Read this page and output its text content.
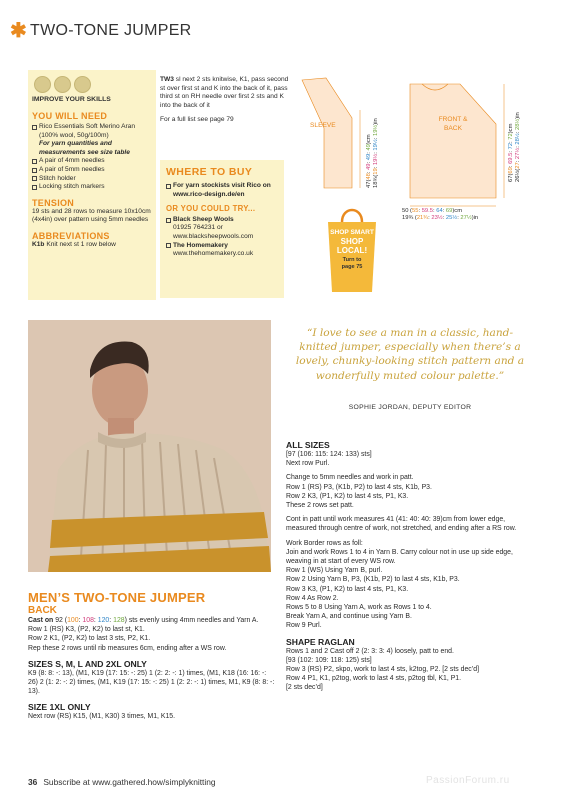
✱ TWO-TONE JUMPER
IMPROVE YOUR SKILLS
YOU WILL NEED
Rico Essentials Soft Merino Aran (100% wool, 50g/100m)
For yarn quantities and measurements see size table
A pair of 4mm needles
A pair of 5mm needles
Stitch holder
Locking stitch markers
TENSION
19 sts and 28 rows to measure 10x10cm (4x4in) over pattern using 5mm needles
ABBREVIATIONS
K1b Knit next st 1 row below
TW3 sl next 2 sts knitwise, K1, pass second st over first st and K into the back of it, pass third st on RH needle over first 2 sts and K into the back of it
For a full list see page 79
WHERE TO BUY
For yarn stockists visit Rico on www.rico-design.de/en
OR YOU COULD TRY...
Black Sheep Wools
01925 764231 or www.blacksheepwools.com
The Homemakery
www.thehomemakery.co.uk
SHOP SMART
SHOP
LOCAL!
Turn to
page 75
SLEEVE
FRONT &
BACK
47(48: 49: 49: 49)cm
18¾(19: 19½: 19½: 19½)in
67(69: 69.5: 72: 72)cm
26½(27: 27½: 28½: 28½)in
50 (55: 59.5: 64: 69)cm
19¾ (21¾: 23½: 25½: 27½)in
“I love to see a man in a classic, hand-knitted jumper, especially when there’s a lovely, chunky-looking stitch pattern and a wonderfully muted colour palette.”
SOPHIE JORDAN, DEPUTY EDITOR
MEN’S TWO-TONE JUMPER
BACK
Cast on 92 (100: 108: 120: 128) sts evenly using 4mm needles and Yarn A.
Row 1 (RS) K3, (P2, K2) to last st, K1.
Row 2 K1, (P2, K2) to last 3 sts, P2, K1.
Rep these 2 rows until rib measures 6cm, ending after a WS row.
SIZES S, M, L AND 2XL ONLY
K9 (8: 8: -: 13), (M1, K19 (17: 15: -: 25) 1 (2: 2: -: 1) times, (M1, K18 (16: 16: -: 26) 2 (1: 2: -: 2) times, (M1, K19 (17: 15: -: 25) 1 (2: 2: -: 1) times, M1, K9 (8: 8: -: 13).
SIZE 1XL ONLY
Next row (RS) K15, (M1, K30) 3 times, M1, K15.
ALL SIZES
[97 (106: 115: 124: 133) sts]
Next row Purl.
Change to 5mm needles and work in patt.
Row 1 (RS) P3, (K1b, P2) to last 4 sts, K1b, P3.
Row 2 K3, (P1, K2) to last 4 sts, P1, K3.
These 2 rows set patt.
Cont in patt until work measures 41 (41: 40: 40: 39)cm from lower edge, measured through centre of work, not stretched, and ending after a RS row.
Work Border rows as foll:
Join and work Rows 1 to 4 in Yarn B. Carry colour not in use up side edge, weaving in at start of every WS row.
Row 1 (WS) Using Yarn B, purl.
Row 2 Using Yarn B, P3, (K1b, P2) to last 4 sts, K1b, P3.
Row 3 K3, (P1, K2) to last 4 sts, P1, K3.
Row 4 As Row 2.
Rows 5 to 8 Using Yarn A, work as Rows 1 to 4.
Break Yarn A, and continue using Yarn B.
Row 9 Purl.
SHAPE RAGLAN
Rows 1 and 2 Cast off 2 (2: 3: 3: 4) loosely, patt to end.
[93 (102: 109: 118: 125) sts]
Row 3 (RS) P2, skpo, work to last 4 sts, k2tog, P2. [2 sts dec’d]
Row 4 P1, K1, p2tog, work to last 4 sts, p2tog tbl, K1, P1.
[2 sts dec’d]
36 Subscribe at www.gathered.how/simplyknitting	PassionForum.ru
